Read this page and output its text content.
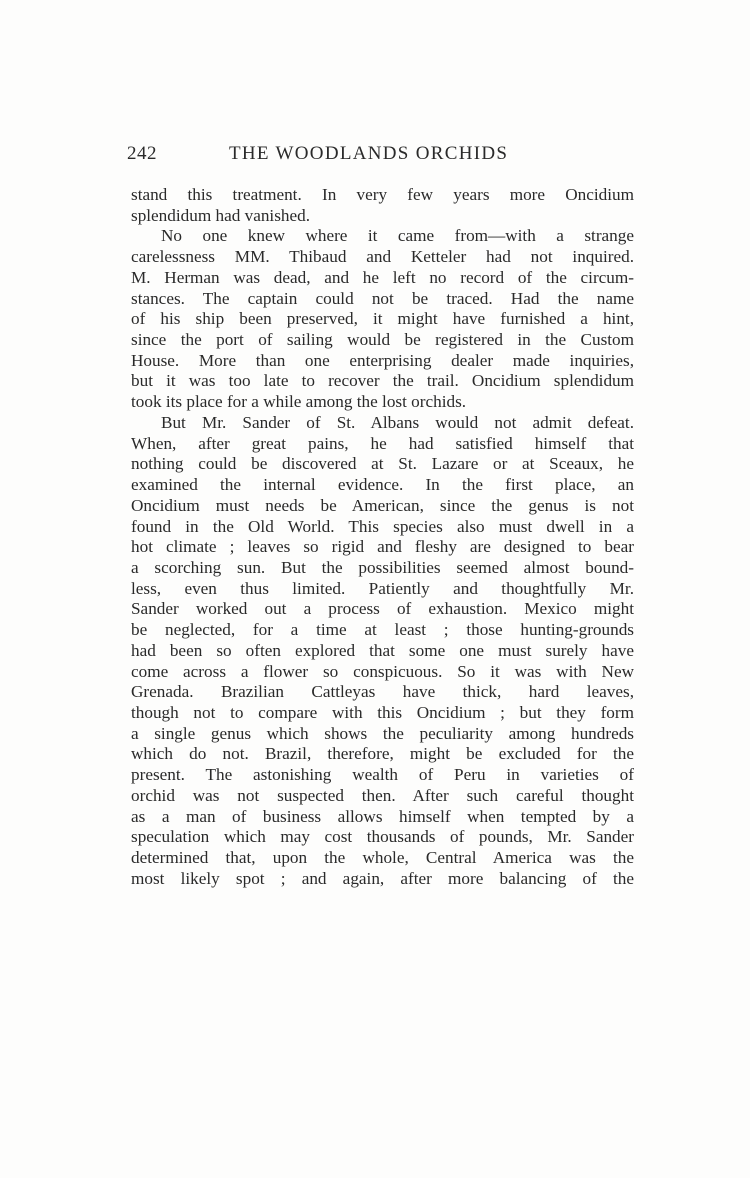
242	THE WOODLANDS ORCHIDS
stand this treatment. In very few years more Oncidium
splendidum had vanished.
No one knew where it came from—with a strange
carelessness MM. Thibaud and Ketteler had not inquired.
M. Herman was dead, and he left no record of the circum-
stances. The captain could not be traced. Had the name
of his ship been preserved, it might have furnished a hint,
since the port of sailing would be registered in the Custom
House. More than one enterprising dealer made inquiries,
but it was too late to recover the trail. Oncidium splendidum
took its place for a while among the lost orchids.
But Mr. Sander of St. Albans would not admit defeat.
When, after great pains, he had satisfied himself that
nothing could be discovered at St. Lazare or at Sceaux, he
examined the internal evidence. In the first place, an
Oncidium must needs be American, since the genus is not
found in the Old World. This species also must dwell in a
hot climate ; leaves so rigid and fleshy are designed to bear
a scorching sun. But the possibilities seemed almost bound-
less, even thus limited. Patiently and thoughtfully Mr.
Sander worked out a process of exhaustion. Mexico might
be neglected, for a time at least ; those hunting-grounds
had been so often explored that some one must surely have
come across a flower so conspicuous. So it was with New
Grenada. Brazilian Cattleyas have thick, hard leaves,
though not to compare with this Oncidium ; but they form
a single genus which shows the peculiarity among hundreds
which do not. Brazil, therefore, might be excluded for the
present. The astonishing wealth of Peru in varieties of
orchid was not suspected then. After such careful thought
as a man of business allows himself when tempted by a
speculation which may cost thousands of pounds, Mr. Sander
determined that, upon the whole, Central America was the
most likely spot ; and again, after more balancing of the
